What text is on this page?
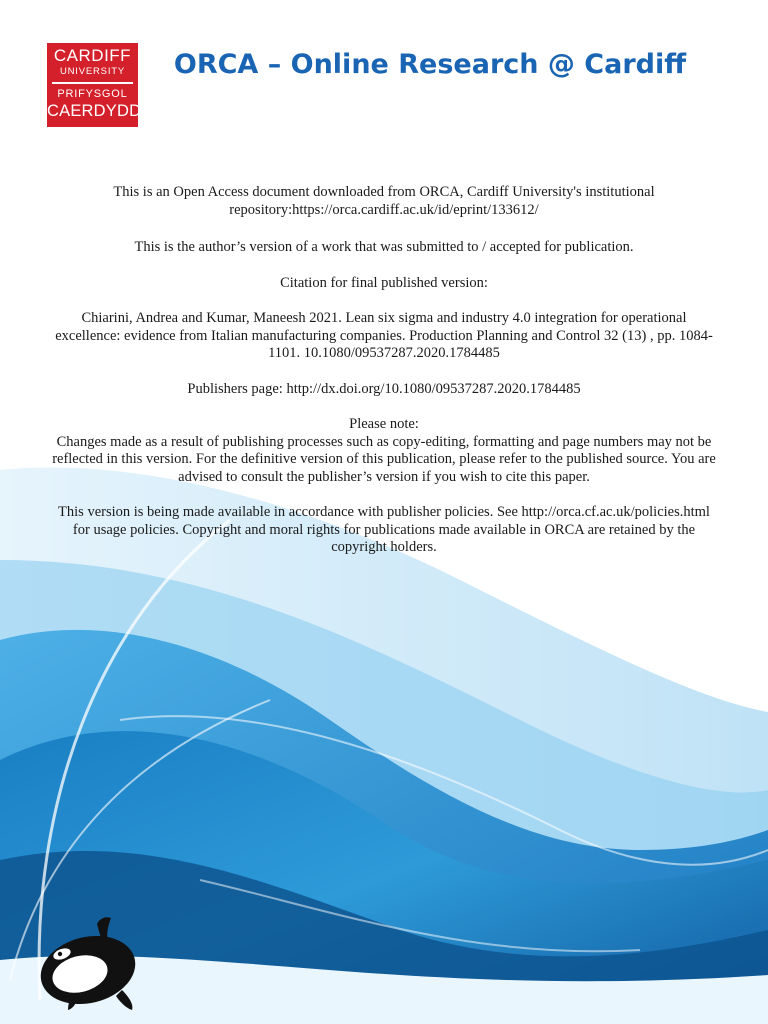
CARDIFF
UNIVERSITY
PRIFYSGOL
CAERDYDD
ORCA – Online Research @ Cardiff

This is an Open Access document downloaded from ORCA, Cardiff University's institutional repository:https://orca.cardiff.ac.uk/id/eprint/133612/

This is the author’s version of a work that was submitted to / accepted for publication.

Citation for final published version:

Chiarini, Andrea and Kumar, Maneesh 2021. Lean six sigma and industry 4.0 integration for operational excellence: evidence from Italian manufacturing companies. Production Planning and Control 32 (13) , pp. 1084-1101. 10.1080/09537287.2020.1784485

Publishers page: http://dx.doi.org/10.1080/09537287.2020.1784485

Please note:

Changes made as a result of publishing processes such as copy-editing, formatting and page numbers may not be reflected in this version. For the definitive version of this publication, please refer to the published source. You are advised to consult the publisher’s version if you wish to cite this paper.

This version is being made available in accordance with publisher policies. See http://orca.cf.ac.uk/policies.html for usage policies. Copyright and moral rights for publications made available in ORCA are retained by the copyright holders.
